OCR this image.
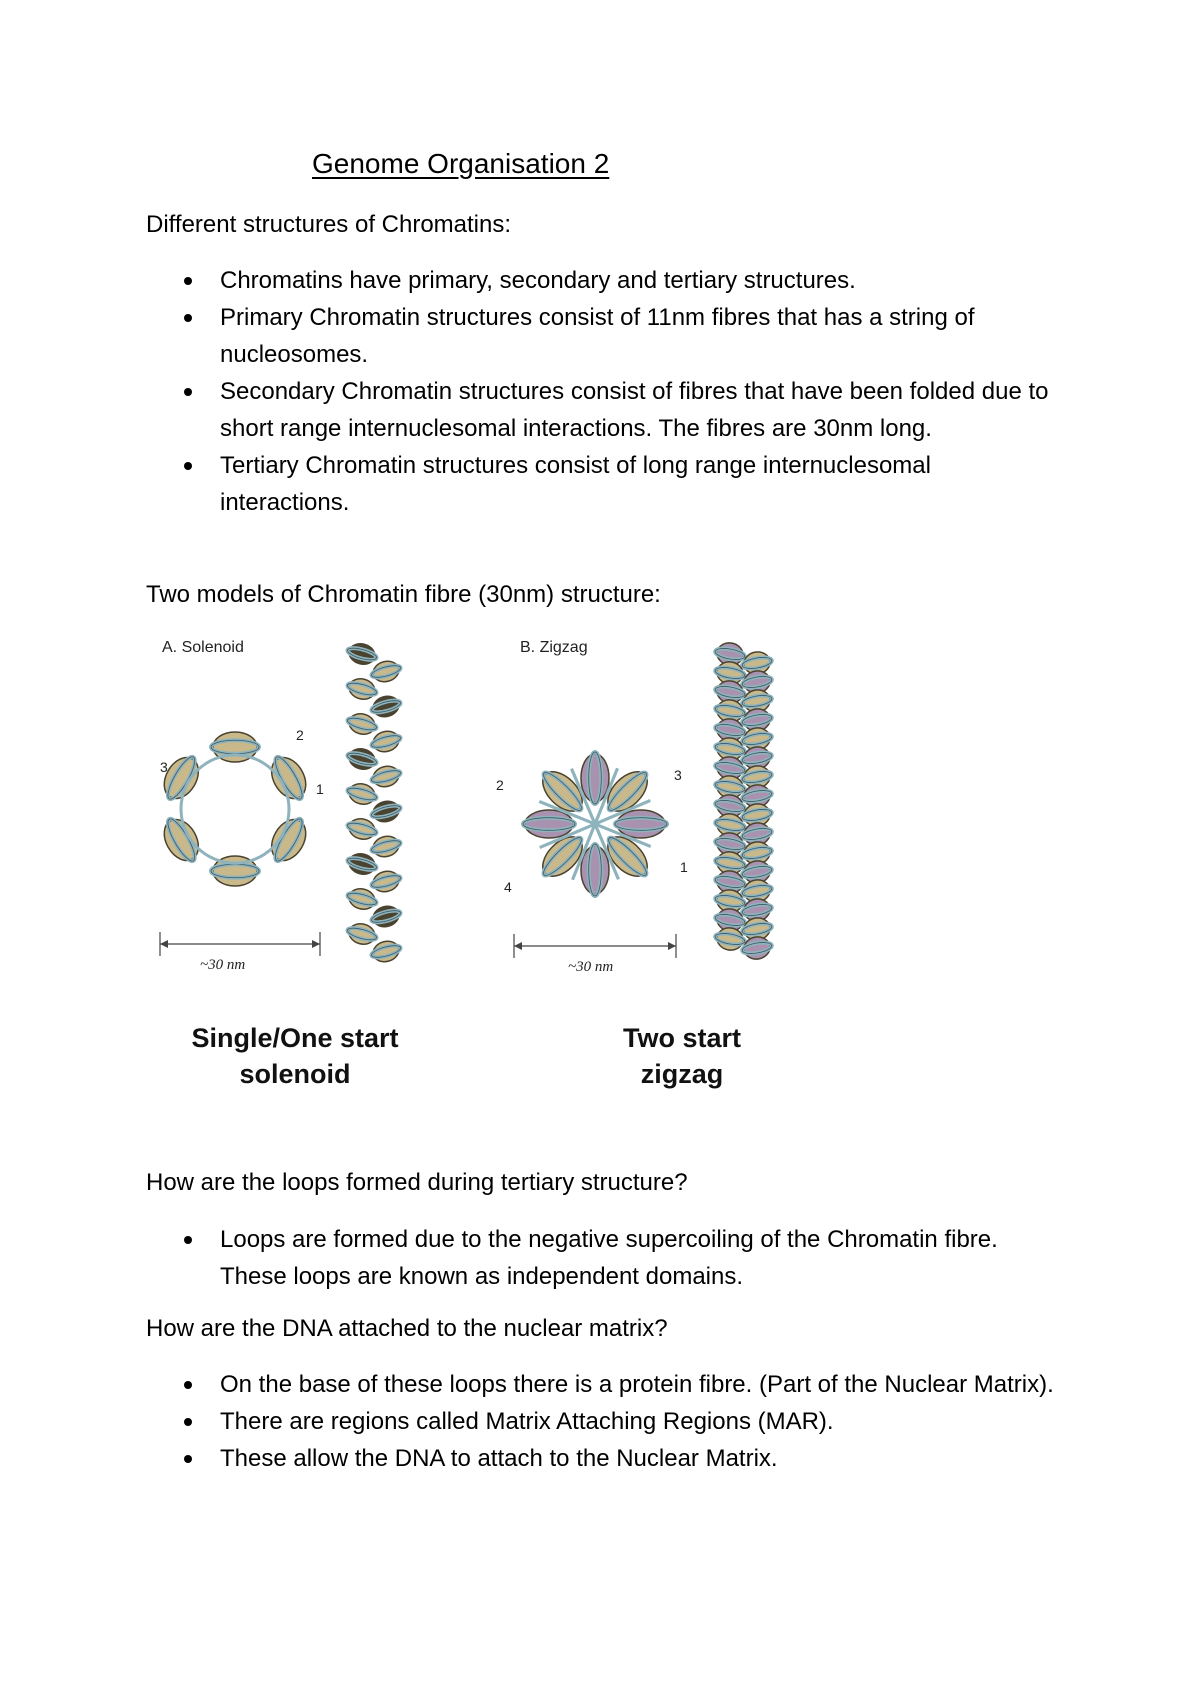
Genome Organisation 2

Different structures of Chromatins:

Chromatins have primary, secondary and tertiary structures.
Primary Chromatin structures consist of 11nm fibres that has a string of nucleosomes.
Secondary Chromatin structures consist of fibres that have been folded due to short range internuclesomal interactions. The fibres are 30nm long.
Tertiary Chromatin structures consist of long range internuclesomal interactions.

Two models of Chromatin fibre (30nm) structure:

A. Solenoid	B. Zigzag
2
3
1
~30 nm
2
3
1
4
~30 nm
Single/One start
solenoid
Two start
zigzag

How are the loops formed during tertiary structure?

Loops are formed due to the negative supercoiling of the Chromatin fibre. These loops are known as independent domains.

How are the DNA attached to the nuclear matrix?

On the base of these loops there is a protein fibre. (Part of the Nuclear Matrix).
There are regions called Matrix Attaching Regions (MAR).
These allow the DNA to attach to the Nuclear Matrix.
